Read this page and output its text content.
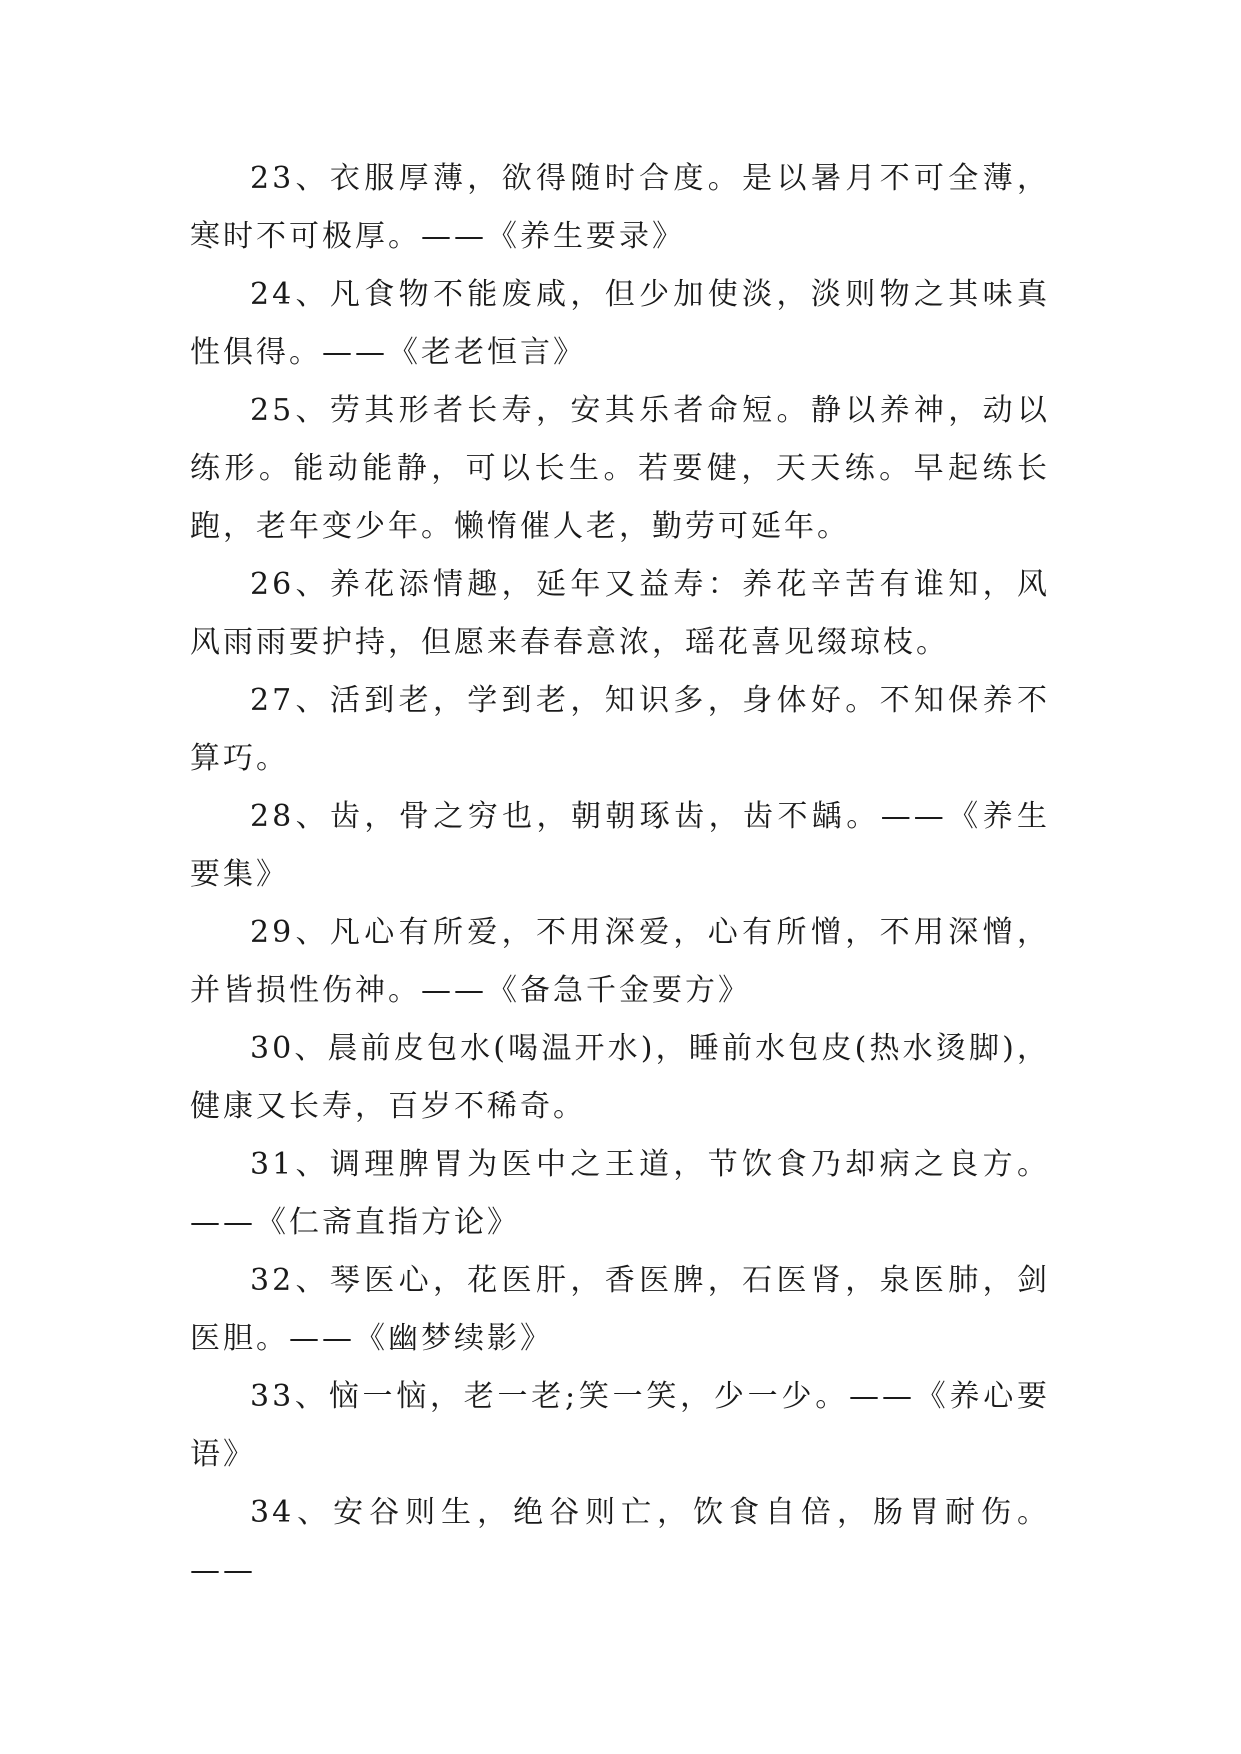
23、衣服厚薄，欲得随时合度。是以暑月不可全薄，寒时不可极厚。——《养生要录》

24、凡食物不能废咸，但少加使淡，淡则物之其味真性俱得。——《老老恒言》

25、劳其形者长寿，安其乐者命短。静以养神，动以练形。能动能静，可以长生。若要健，天天练。早起练长跑，老年变少年。懒惰催人老，勤劳可延年。

26、养花添情趣，延年又益寿：养花辛苦有谁知，风风雨雨要护持，但愿来春春意浓，瑶花喜见缀琼枝。

27、活到老，学到老，知识多，身体好。不知保养不算巧。

28、齿，骨之穷也，朝朝琢齿，齿不龋。——《养生要集》

29、凡心有所爱，不用深爱，心有所憎，不用深憎，并皆损性伤神。——《备急千金要方》

30、晨前皮包水(喝温开水)，睡前水包皮(热水烫脚)，健康又长寿，百岁不稀奇。

31、调理脾胃为医中之王道，节饮食乃却病之良方。——《仁斋直指方论》

32、琴医心，花医肝，香医脾，石医肾，泉医肺，剑医胆。——《幽梦续影》

33、恼一恼，老一老;笑一笑，少一少。——《养心要语》

34、安谷则生，绝谷则亡，饮食自倍，肠胃耐伤。——
